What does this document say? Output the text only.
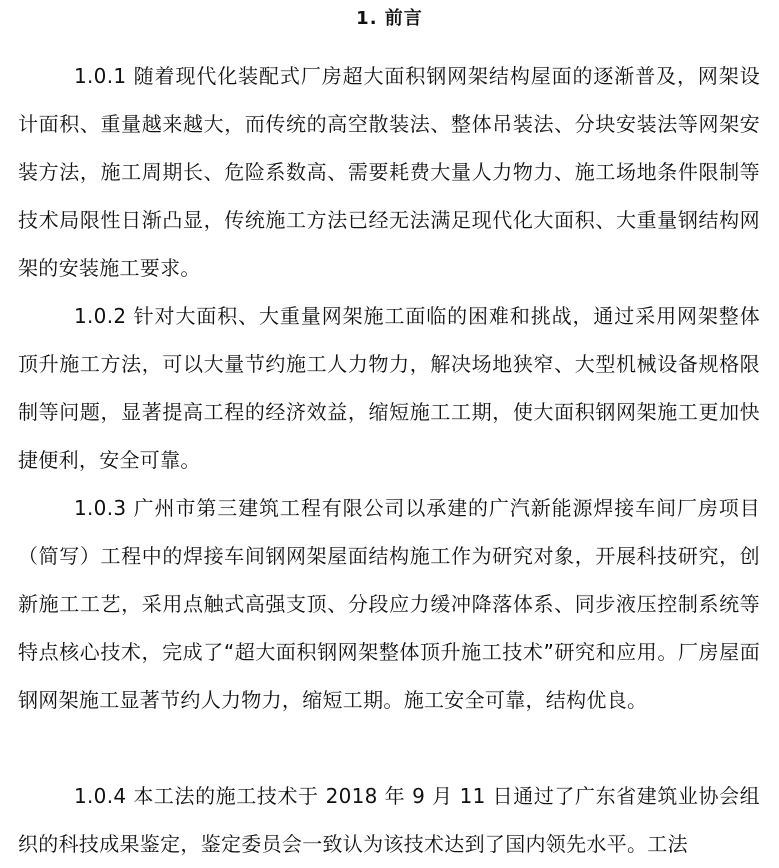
1. 前言

1.0.1 随着现代化装配式厂房超大面积钢网架结构屋面的逐渐普及，网架设计面积、重量越来越大，而传统的高空散装法、整体吊装法、分块安装法等网架安装方法，施工周期长、危险系数高、需要耗费大量人力物力、施工场地条件限制等技术局限性日渐凸显，传统施工方法已经无法满足现代化大面积、大重量钢结构网架的安装施工要求。

1.0.2 针对大面积、大重量网架施工面临的困难和挑战，通过采用网架整体顶升施工方法，可以大量节约施工人力物力，解决场地狭窄、大型机械设备规格限制等问题，显著提高工程的经济效益，缩短施工工期，使大面积钢网架施工更加快捷便利，安全可靠。

1.0.3 广州市第三建筑工程有限公司以承建的广汽新能源焊接车间厂房项目（简写）工程中的焊接车间钢网架屋面结构施工作为研究对象，开展科技研究，创新施工工艺，采用点触式高强支顶、分段应力缓冲降落体系、同步液压控制系统等特点核心技术，完成了“超大面积钢网架整体顶升施工技术”研究和应用。厂房屋面钢网架施工显著节约人力物力，缩短工期。施工安全可靠，结构优良。

1.0.4 本工法的施工技术于 2018 年 9 月 11 日通过了广东省建筑业协会组织的科技成果鉴定，鉴定委员会一致认为该技术达到了国内领先水平。工法
